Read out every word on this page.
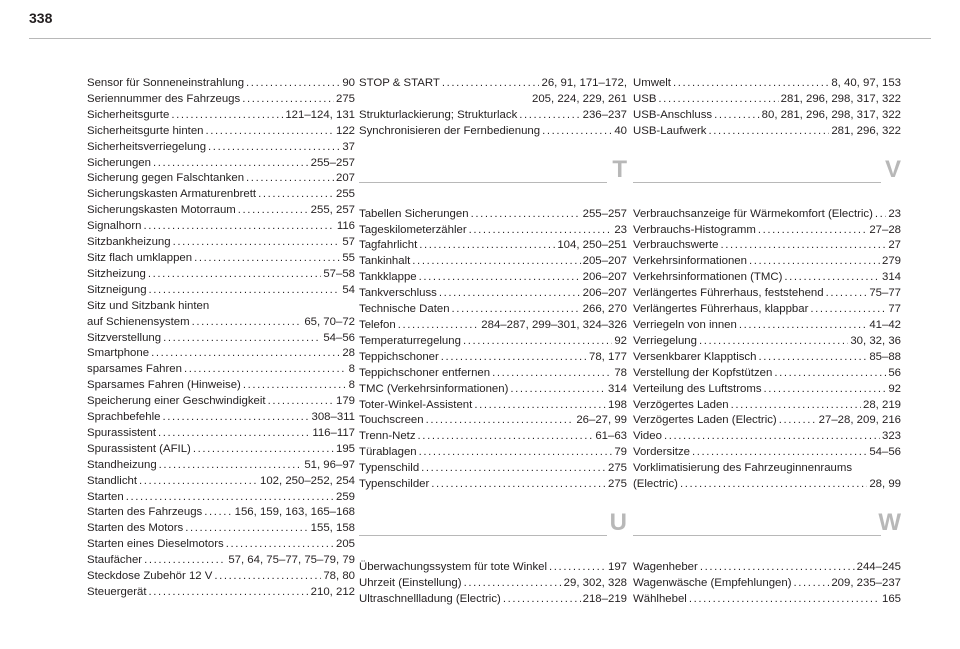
338
Sensor für Sonneneinstrahlung .....	90
Seriennummer des Fahrzeugs .....	275
Sicherheitsgurte .....	121–124, 131
Sicherheitsgurte hinten .....	122
Sicherheitsverriegelung .....	37
Sicherungen .....	255–257
Sicherung gegen Falschtanken .....	207
Sicherungskasten Armaturenbrett .....	255
Sicherungskasten Motorraum .....	255, 257
Signalhorn .....	116
Sitzbankheizung .....	57
Sitz flach umklappen .....	55
Sitzheizung .....	57–58
Sitzneigung .....	54
Sitz und Sitzbank hinten
auf Schienensystem .....	65, 70–72
Sitzverstellung .....	54–56
Smartphone .....	28
sparsames Fahren .....	8
Sparsames Fahren (Hinweise) .....	8
Speicherung einer Geschwindigkeit .....	179
Sprachbefehle .....	308–311
Spurassistent .....	116–117
Spurassistent (AFIL) .....	195
Standheizung .....	51, 96–97
Standlicht .....	102, 250–252, 254
Starten .....	259
Starten des Fahrzeugs .....	156, 159, 163, 165–168
Starten des Motors .....	155, 158
Starten eines Dieselmotors .....	205
Staufächer .....	57, 64, 75–77, 75–79, 79
Steckdose Zubehör 12 V .....	78, 80
Steuergerät .....	210, 212
STOP & START .....	26, 91, 171–172,
205, 224, 229, 261
Strukturlackierung; Strukturlack .....	236–237
Synchronisieren der Fernbedienung .....	40
T
Tabellen Sicherungen .....	255–257
Tageskilometerzähler .....	23
Tagfahrlicht .....	104, 250–251
Tankinhalt .....	205–207
Tankklappe .....	206–207
Tankverschluss .....	206–207
Technische Daten .....	266, 270
Telefon .....	284–287, 299–301, 324–326
Temperaturregelung .....	92
Teppichschoner .....	78, 177
Teppichschoner entfernen .....	78
TMC (Verkehrsinformationen) .....	314
Toter-Winkel-Assistent .....	198
Touchscreen .....	26–27, 99
Trenn-Netz .....	61–63
Türablagen .....	79
Typenschild .....	275
Typenschilder .....	275
U
Überwachungssystem für tote Winkel .....	197
Uhrzeit (Einstellung) .....	29, 302, 328
Ultraschnellladung (Electric) .....	218–219
Umwelt .....	8, 40, 97, 153
USB .....	281, 296, 298, 317, 322
USB-Anschluss .....	80, 281, 296, 298, 317, 322
USB-Laufwerk .....	281, 296, 322
V
Verbrauchsanzeige für Wärmekomfort (Electric) ..... 23
Verbrauchs-Histogramm .....	27–28
Verbrauchswerte .....	27
Verkehrsinformationen .....	279
Verkehrsinformationen (TMC) .....	314
Verlängertes Führerhaus, feststehend .....	75–77
Verlängertes Führerhaus, klappbar .....	77
Verriegeln von innen .....	41–42
Verriegelung .....	30, 32, 36
Versenkbarer Klapptisch .....	85–88
Verstellung der Kopfstützen .....	56
Verteilung des Luftstroms .....	92
Verzögertes Laden .....	28, 219
Verzögertes Laden (Electric) .....	27–28, 209, 216
Video .....	323
Vordersitze .....	54–56
Vorklimatisierung des Fahrzeuginnenraums
(Electric) .....	28, 99
W
Wagenheber .....	244–245
Wagenwäsche (Empfehlungen) .....	209, 235–237
Wählhebel .....	165
